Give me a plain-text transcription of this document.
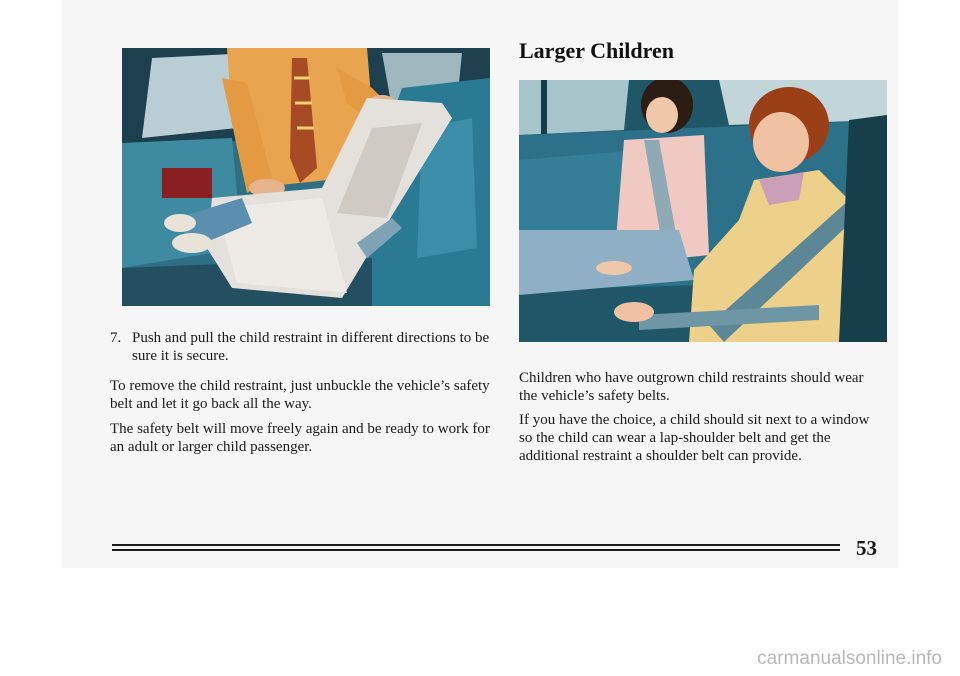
Larger Children
7. Push and pull the child restraint in different directions to be sure it is secure.
To remove the child restraint, just unbuckle the vehicle’s safety belt and let it go back all the way.
The safety belt will move freely again and be ready to work for an adult or larger child passenger.
Children who have outgrown child restraints should wear the vehicle’s safety belts.
If you have the choice, a child should sit next to a window so the child can wear a lap-shoulder belt and get the additional restraint a shoulder belt can provide.
53
carmanualsonline.info
